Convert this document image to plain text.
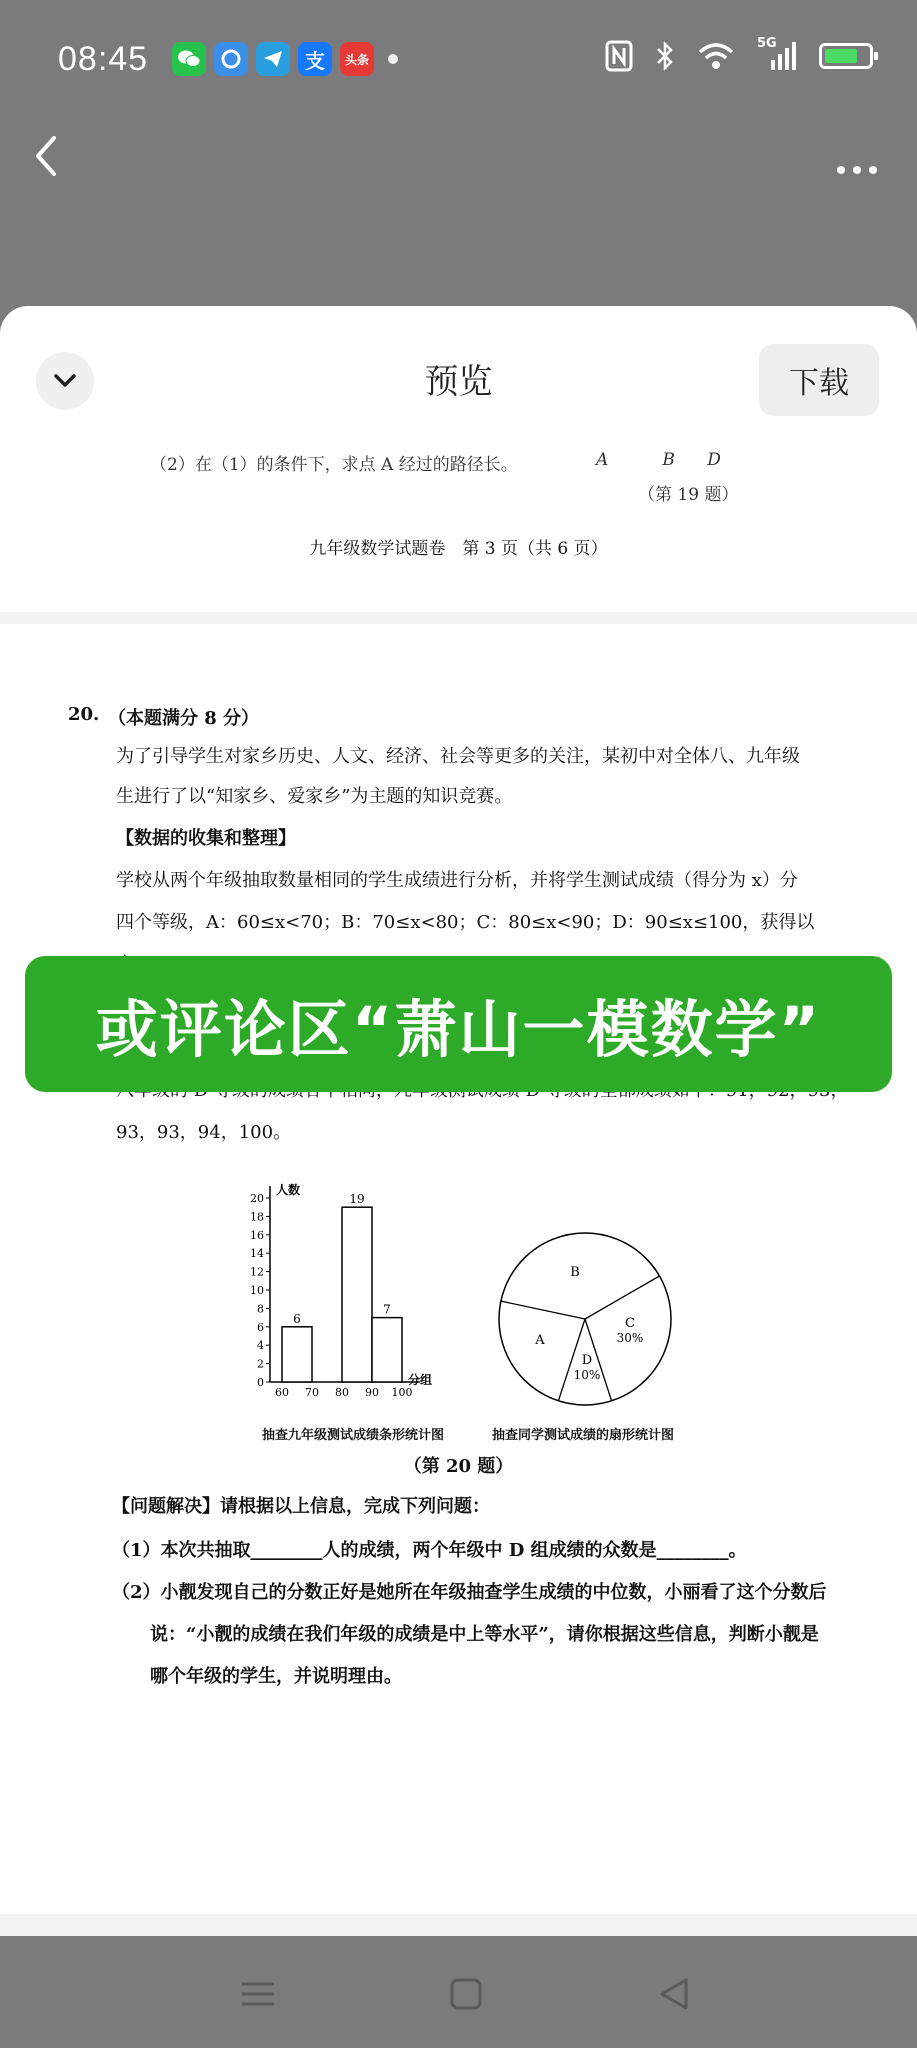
08:45	支 头条
5G
预览	下载
（2）在（1）的条件下，求点 A 经过的路径长。	A          B      D
（第 19 题）
九年级数学试题卷　第 3 页（共 6 页）
20. （本题满分 8 分）
为了引导学生对家乡历史、人文、经济、社会等更多的关注，某初中对全体八、九年级
生进行了以“知家乡、爱家乡”为主题的知识竞赛。
【数据的收集和整理】
学校从两个年级抽取数量相同的学生成绩进行分析，并将学生测试成绩（得分为 x）分
四个等级，A：60≤x<70；B：70≤x<80；C：80≤x<90；D：90≤x≤100，获得以
93，93，94，100。
0
2
4
6
8
10
12
14
16
18
20
60 70 80 90 100
人数
分组
6
19
7
抽查九年级测试成绩条形统计图
A
B
C
30%
D
10%
抽查同学测试成绩的扇形统计图
（第 20 题）
【问题解决】请根据以上信息，完成下列问题：
（1）本次共抽取________人的成绩，两个年级中 D 组成绩的众数是________。
（2）小靓发现自己的分数正好是她所在年级抽查学生成绩的中位数，小丽看了这个分数后
说：“小靓的成绩在我们年级的成绩是中上等水平”，请你根据这些信息，判断小靓是
哪个年级的学生，并说明理由。
或评论区“萧山一模数学”
